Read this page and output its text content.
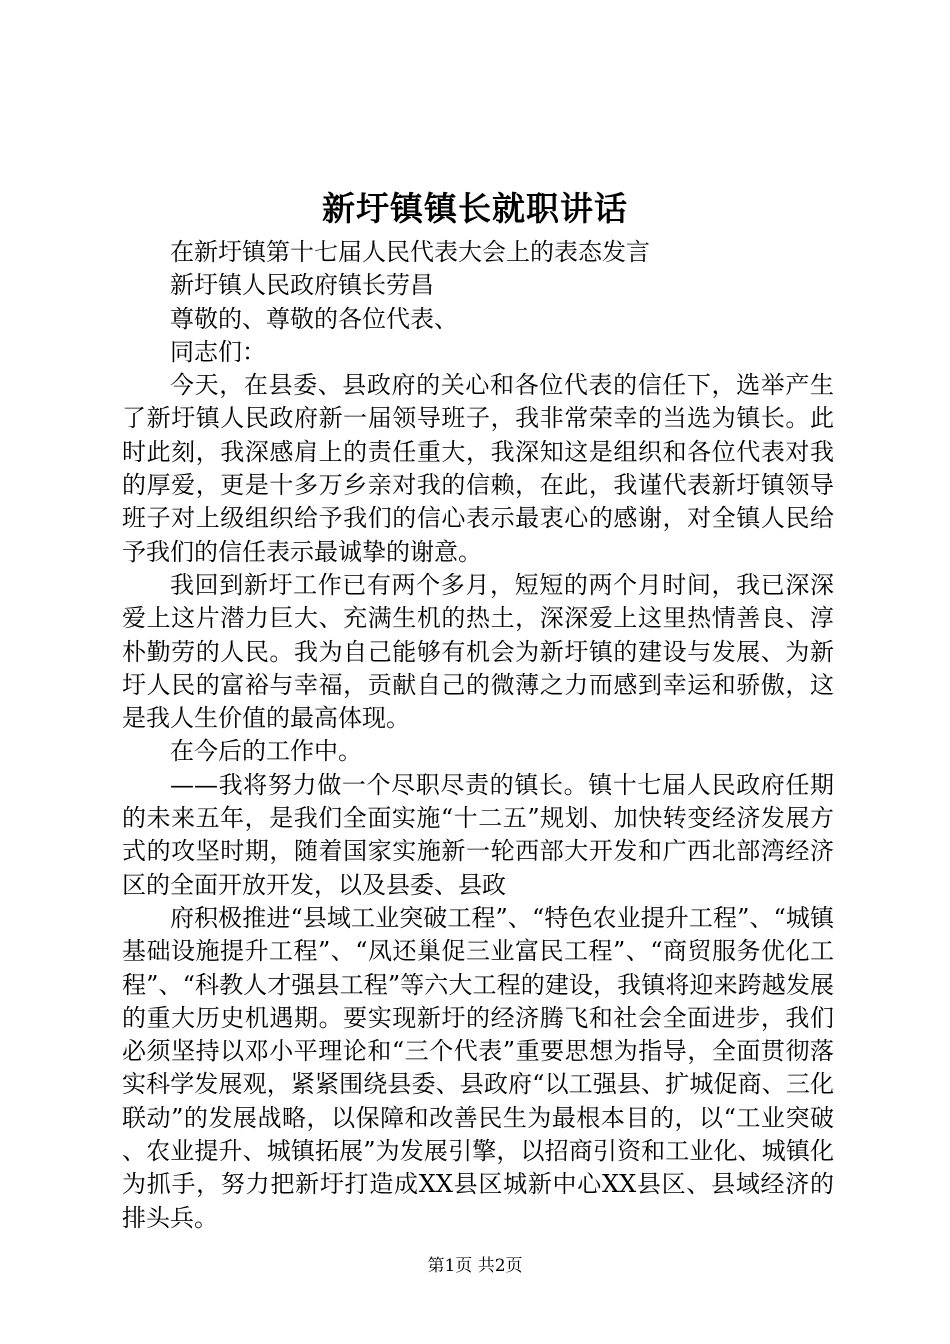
新圩镇镇长就职讲话

在新圩镇第十七届人民代表大会上的表态发言

新圩镇人民政府镇长劳昌

尊敬的、尊敬的各位代表、

同志们：

今天，在县委、县政府的关心和各位代表的信任下，选举产生了新圩镇人民政府新一届领导班子，我非常荣幸的当选为镇长。此时此刻，我深感肩上的责任重大，我深知这是组织和各位代表对我的厚爱，更是十多万乡亲对我的信赖，在此，我谨代表新圩镇领导班子对上级组织给予我们的信心表示最衷心的感谢，对全镇人民给予我们的信任表示最诚挚的谢意。

我回到新圩工作已有两个多月，短短的两个月时间，我已深深爱上这片潜力巨大、充满生机的热土，深深爱上这里热情善良、淳朴勤劳的人民。我为自己能够有机会为新圩镇的建设与发展、为新圩人民的富裕与幸福，贡献自己的微薄之力而感到幸运和骄傲，这是我人生价值的最高体现。

在今后的工作中。

——我将努力做一个尽职尽责的镇长。镇十七届人民政府任期的未来五年，是我们全面实施“十二五”规划、加快转变经济发展方式的攻坚时期，随着国家实施新一轮西部大开发和广西北部湾经济区的全面开放开发，以及县委、县政

府积极推进“县域工业突破工程”、“特色农业提升工程”、“城镇基础设施提升工程”、“凤还巢促三业富民工程”、“商贸服务优化工程”、“科教人才强县工程”等六大工程的建设，我镇将迎来跨越发展的重大历史机遇期。要实现新圩的经济腾飞和社会全面进步，我们必须坚持以邓小平理论和“三个代表”重要思想为指导，全面贯彻落实科学发展观，紧紧围绕县委、县政府“以工强县、扩城促商、三化联动”的发展战略，以保障和改善民生为最根本目的，以“工业突破、农业提升、城镇拓展”为发展引擎，以招商引资和工业化、城镇化为抓手，努力把新圩打造成XX县区城新中心XX县区、县域经济的排头兵。

第1页 共2页
